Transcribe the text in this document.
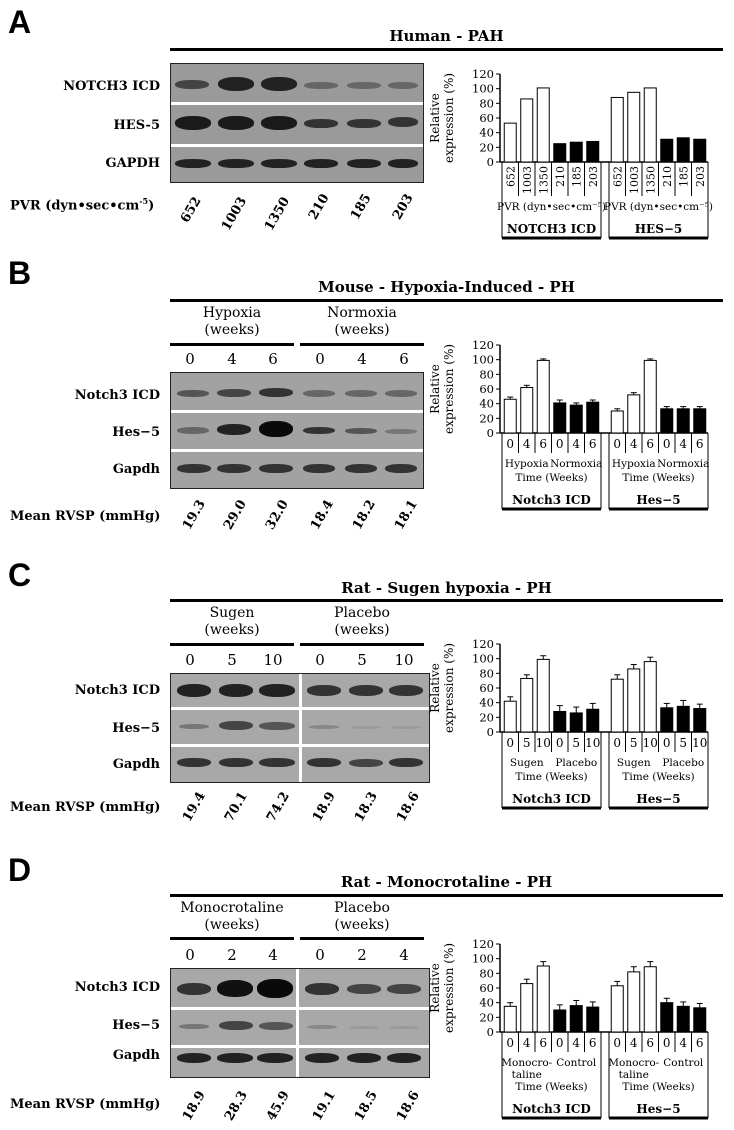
A	Human - PAH
NOTCH3 ICD
HES-5
GAPDH
PVR $(dyn•\sec•cm^{-5})$ 652 1003 1350 210 185 203
Relativeexpression (%)	0
20
40
60
80
100
120
652 1003 1350 210 185 203 652 1003 1350 210 185 203
PVR (dyn•sec•cm⁻⁵)
PVR (dyn•sec•cm⁻⁵)
NOTCH3 ICD	HES−5
B	Mouse - Hypoxia-Induced - PH
Hypoxia
(weeks)
Normoxia
(weeks)
0	4	6	0	4	6
Notch3 ICD
Hes−5
Gapdh
Mean RVSP (mmHg) 19.3 29.0 32.0 18.4 18.2 18.1
Relativeexpression (%)	0
20
40
60
80
100
120
0 4 6 0 4 6 0 4 6 0 4 6
Hypoxia Normoxia Hypoxia Normoxia
Time (Weeks)	Time (Weeks)
Notch3 ICD	Hes−5
C	Rat - Sugen hypoxia - PH
Sugen
(weeks)
Placebo
(weeks)
0	5	10	0	5	10
Notch3 ICD
Hes−5
Gapdh
Mean RVSP (mmHg) 19.4 70.1 74.2 18.9 18.3 18.6
Relativeexpression (%)	0
20
40
60
80
100
120
0 5 10 0 5 10 0 5 10 0 5 10
Sugen Placebo Sugen Placebo
Time (Weeks)	Time (Weeks)
Notch3 ICD	Hes−5
D	Rat - Monocrotaline - PH
Monocrotaline
(weeks)
Placebo
(weeks)
0	2	4	0	2	4
Notch3 ICD
Hes−5
Gapdh
Mean RVSP (mmHg) 18.9 28.3 45.9 19.1 18.5 18.6
Relativeexpression (%)	0
20
40
60
80
100
120
0 4 6 0 4 6 0 4 6 0 4 6
Monocro-
taline
Control Monocro-
taline
Control
Time (Weeks)	Time (Weeks)
Notch3 ICD	Hes−5
